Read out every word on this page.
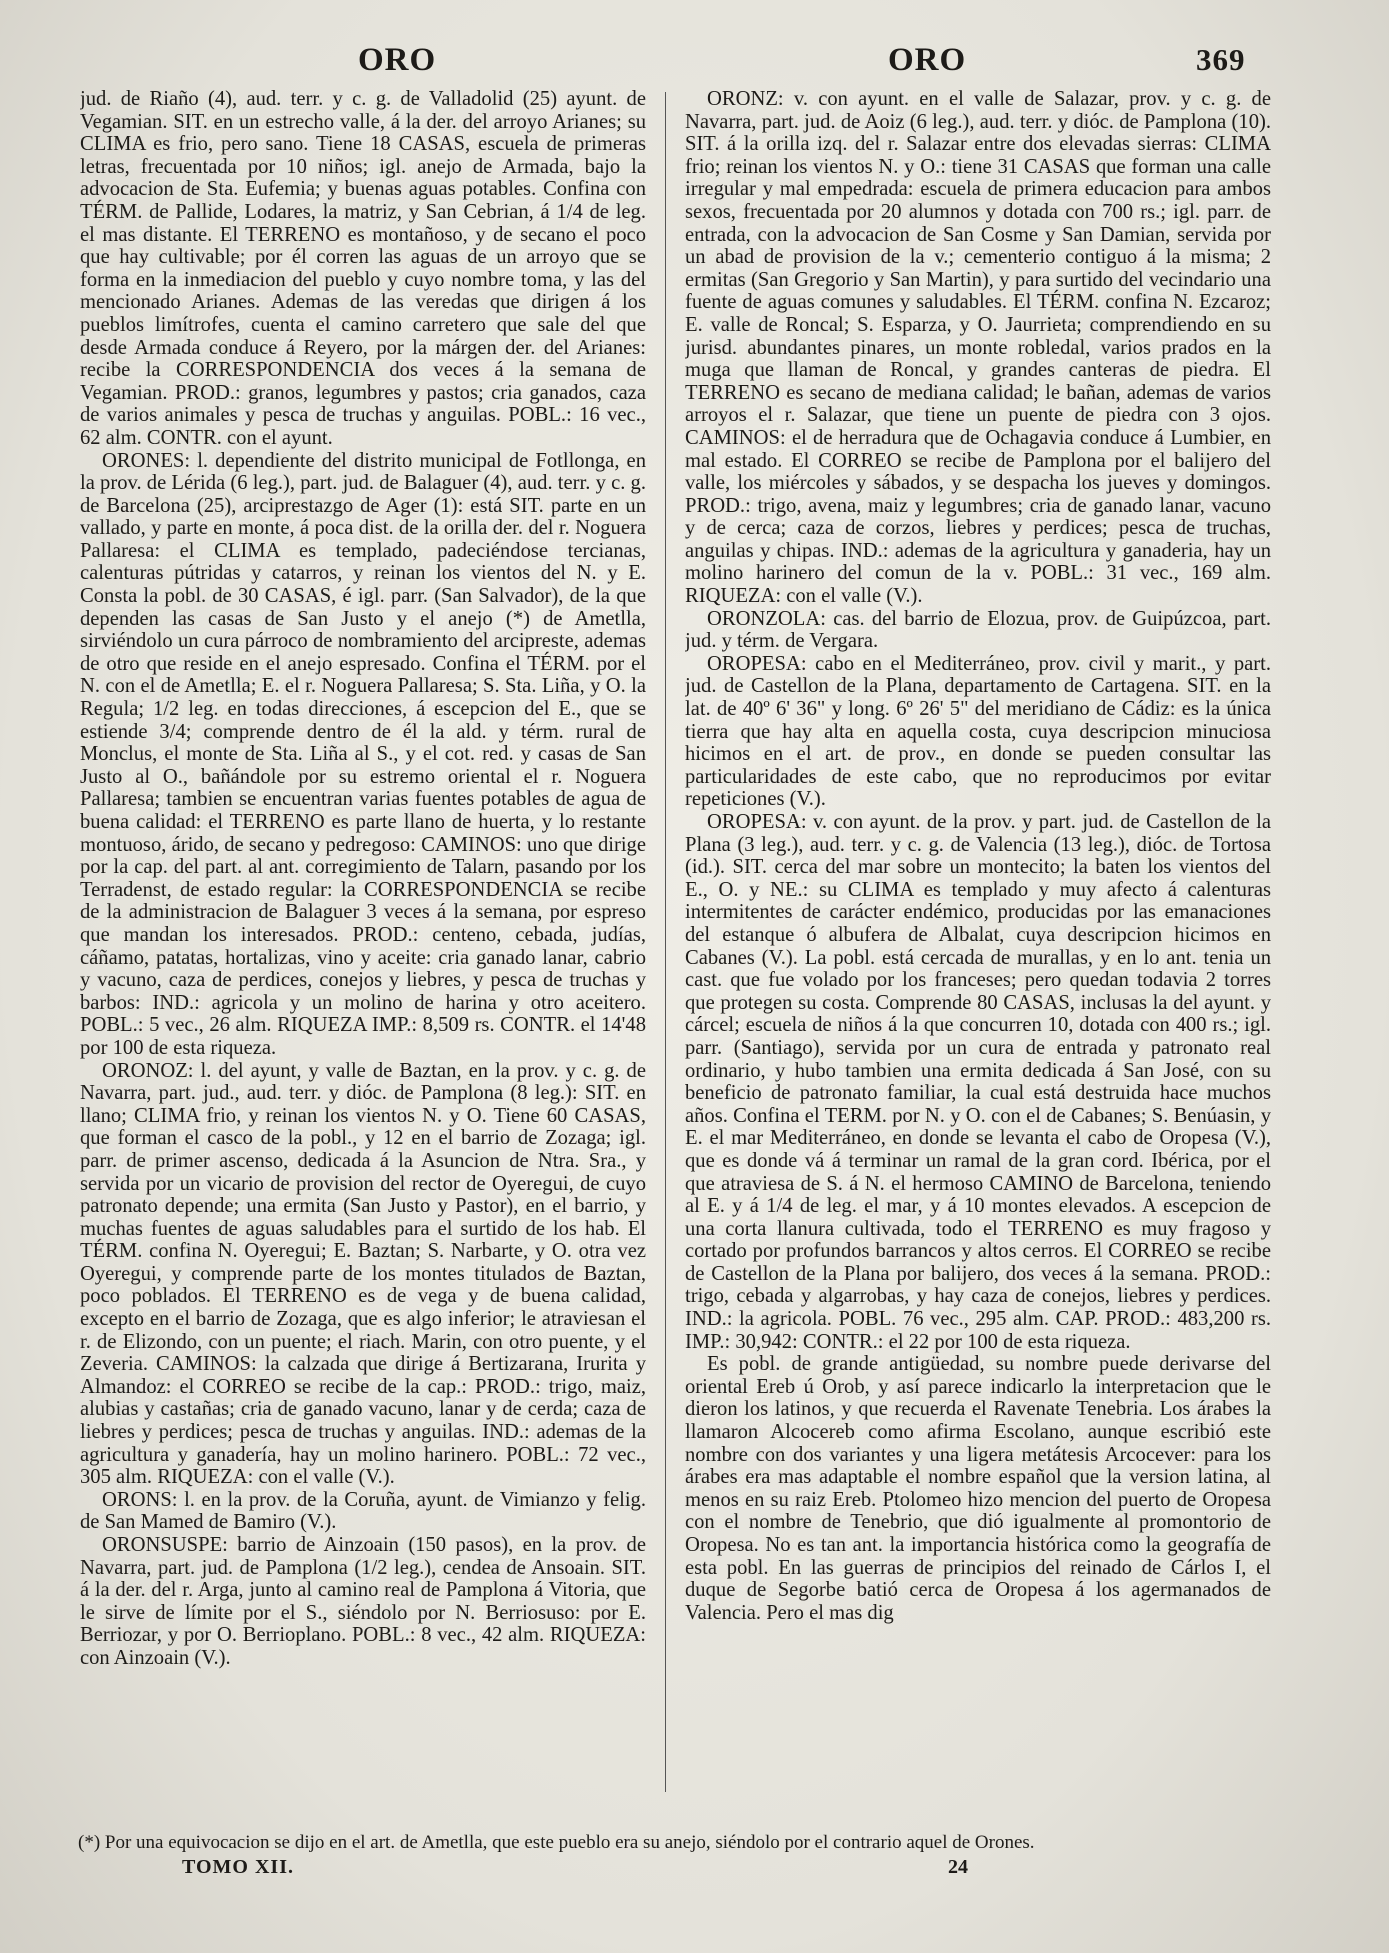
ORO	ORO	369

jud. de Riaño (4), aud. terr. y c. g. de Valladolid (25) ayunt. de Vegamian. SIT. en un estrecho valle, á la der. del arroyo Arianes; su CLIMA es frio, pero sano. Tiene 18 CASAS, escuela de primeras letras, frecuentada por 10 niños; igl. anejo de Armada, bajo la advocacion de Sta. Eufemia; y buenas aguas potables. Confina con TÉRM. de Pallide, Lodares, la matriz, y San Cebrian, á 1/4 de leg. el mas distante. El TERRENO es montañoso, y de secano el poco que hay cultivable; por él corren las aguas de un arroyo que se forma en la inmediacion del pueblo y cuyo nombre toma, y las del mencionado Arianes. Ademas de las veredas que dirigen á los pueblos limítrofes, cuenta el camino carretero que sale del que desde Armada conduce á Reyero, por la márgen der. del Arianes: recibe la CORRESPONDENCIA dos veces á la semana de Vegamian. PROD.: granos, legumbres y pastos; cria ganados, caza de varios animales y pesca de truchas y anguilas. POBL.: 16 vec., 62 alm. CONTR. con el ayunt.

ORONES: l. dependiente del distrito municipal de Fotllonga, en la prov. de Lérida (6 leg.), part. jud. de Balaguer (4), aud. terr. y c. g. de Barcelona (25), arciprestazgo de Ager (1): está SIT. parte en un vallado, y parte en monte, á poca dist. de la orilla der. del r. Noguera Pallaresa: el CLIMA es templado, padeciéndose tercianas, calenturas pútridas y catarros, y reinan los vientos del N. y E. Consta la pobl. de 30 CASAS, é igl. parr. (San Salvador), de la que dependen las casas de San Justo y el anejo (*) de Ametlla, sirviéndolo un cura párroco de nombramiento del arcipreste, ademas de otro que reside en el anejo espresado. Confina el TÉRM. por el N. con el de Ametlla; E. el r. Noguera Pallaresa; S. Sta. Liña, y O. la Regula; 1/2 leg. en todas direcciones, á escepcion del E., que se estiende 3/4; comprende dentro de él la ald. y térm. rural de Monclus, el monte de Sta. Liña al S., y el cot. red. y casas de San Justo al O., bañándole por su estremo oriental el r. Noguera Pallaresa; tambien se encuentran varias fuentes potables de agua de buena calidad: el TERRENO es parte llano de huerta, y lo restante montuoso, árido, de secano y pedregoso: CAMINOS: uno que dirige por la cap. del part. al ant. corregimiento de Talarn, pasando por los Terradenst, de estado regular: la CORRESPONDENCIA se recibe de la administracion de Balaguer 3 veces á la semana, por espreso que mandan los interesados. PROD.: centeno, cebada, judías, cáñamo, patatas, hortalizas, vino y aceite: cria ganado lanar, cabrio y vacuno, caza de perdices, conejos y liebres, y pesca de truchas y barbos: IND.: agricola y un molino de harina y otro aceitero. POBL.: 5 vec., 26 alm. RIQUEZA IMP.: 8,509 rs. CONTR. el 14'48 por 100 de esta riqueza.

ORONOZ: l. del ayunt, y valle de Baztan, en la prov. y c. g. de Navarra, part. jud., aud. terr. y dióc. de Pamplona (8 leg.): SIT. en llano; CLIMA frio, y reinan los vientos N. y O. Tiene 60 CASAS, que forman el casco de la pobl., y 12 en el barrio de Zozaga; igl. parr. de primer ascenso, dedicada á la Asuncion de Ntra. Sra., y servida por un vicario de provision del rector de Oyeregui, de cuyo patronato depende; una ermita (San Justo y Pastor), en el barrio, y muchas fuentes de aguas saludables para el surtido de los hab. El TÉRM. confina N. Oyeregui; E. Baztan; S. Narbarte, y O. otra vez Oyeregui, y comprende parte de los montes titulados de Baztan, poco poblados. El TERRENO es de vega y de buena calidad, excepto en el barrio de Zozaga, que es algo inferior; le atraviesan el r. de Elizondo, con un puente; el riach. Marin, con otro puente, y el Zeveria. CAMINOS: la calzada que dirige á Bertizarana, Irurita y Almandoz: el CORREO se recibe de la cap.: PROD.: trigo, maiz, alubias y castañas; cria de ganado vacuno, lanar y de cerda; caza de liebres y perdices; pesca de truchas y anguilas. IND.: ademas de la agricultura y ganadería, hay un molino harinero. POBL.: 72 vec., 305 alm. RIQUEZA: con el valle (V.).

ORONS: l. en la prov. de la Coruña, ayunt. de Vimianzo y felig. de San Mamed de Bamiro (V.).

ORONSUSPE: barrio de Ainzoain (150 pasos), en la prov. de Navarra, part. jud. de Pamplona (1/2 leg.), cendea de Ansoain. SIT. á la der. del r. Arga, junto al camino real de Pamplona á Vitoria, que le sirve de límite por el S., siéndolo por N. Berriosuso: por E. Berriozar, y por O. Berrioplano. POBL.: 8 vec., 42 alm. RIQUEZA: con Ainzoain (V.).

ORONZ: v. con ayunt. en el valle de Salazar, prov. y c. g. de Navarra, part. jud. de Aoiz (6 leg.), aud. terr. y dióc. de Pamplona (10). SIT. á la orilla izq. del r. Salazar entre dos elevadas sierras: CLIMA frio; reinan los vientos N. y O.: tiene 31 CASAS que forman una calle irregular y mal empedrada: escuela de primera educacion para ambos sexos, frecuentada por 20 alumnos y dotada con 700 rs.; igl. parr. de entrada, con la advocacion de San Cosme y San Damian, servida por un abad de provision de la v.; cementerio contiguo á la misma; 2 ermitas (San Gregorio y San Martin), y para surtido del vecindario una fuente de aguas comunes y saludables. El TÉRM. confina N. Ezcaroz; E. valle de Roncal; S. Esparza, y O. Jaurrieta; comprendiendo en su jurisd. abundantes pinares, un monte robledal, varios prados en la muga que llaman de Roncal, y grandes canteras de piedra. El TERRENO es secano de mediana calidad; le bañan, ademas de varios arroyos el r. Salazar, que tiene un puente de piedra con 3 ojos. CAMINOS: el de herradura que de Ochagavia conduce á Lumbier, en mal estado. El CORREO se recibe de Pamplona por el balijero del valle, los miércoles y sábados, y se despacha los jueves y domingos. PROD.: trigo, avena, maiz y legumbres; cria de ganado lanar, vacuno y de cerca; caza de corzos, liebres y perdices; pesca de truchas, anguilas y chipas. IND.: ademas de la agricultura y ganaderia, hay un molino harinero del comun de la v. POBL.: 31 vec., 169 alm. RIQUEZA: con el valle (V.).

ORONZOLA: cas. del barrio de Elozua, prov. de Guipúzcoa, part. jud. y térm. de Vergara.

OROPESA: cabo en el Mediterráneo, prov. civil y marit., y part. jud. de Castellon de la Plana, departamento de Cartagena. SIT. en la lat. de 40º 6' 36" y long. 6º 26' 5" del meridiano de Cádiz: es la única tierra que hay alta en aquella costa, cuya descripcion minuciosa hicimos en el art. de prov., en donde se pueden consultar las particularidades de este cabo, que no reproducimos por evitar repeticiones (V.).

OROPESA: v. con ayunt. de la prov. y part. jud. de Castellon de la Plana (3 leg.), aud. terr. y c. g. de Valencia (13 leg.), dióc. de Tortosa (id.). SIT. cerca del mar sobre un montecito; la baten los vientos del E., O. y NE.: su CLIMA es templado y muy afecto á calenturas intermitentes de carácter endémico, producidas por las emanaciones del estanque ó albufera de Albalat, cuya descripcion hicimos en Cabanes (V.). La pobl. está cercada de murallas, y en lo ant. tenia un cast. que fue volado por los franceses; pero quedan todavia 2 torres que protegen su costa. Comprende 80 CASAS, inclusas la del ayunt. y cárcel; escuela de niños á la que concurren 10, dotada con 400 rs.; igl. parr. (Santiago), servida por un cura de entrada y patronato real ordinario, y hubo tambien una ermita dedicada á San José, con su beneficio de patronato familiar, la cual está destruida hace muchos años. Confina el TERM. por N. y O. con el de Cabanes; S. Benúasin, y E. el mar Mediterráneo, en donde se levanta el cabo de Oropesa (V.), que es donde vá á terminar un ramal de la gran cord. Ibérica, por el que atraviesa de S. á N. el hermoso CAMINO de Barcelona, teniendo al E. y á 1/4 de leg. el mar, y á 10 montes elevados. A escepcion de una corta llanura cultivada, todo el TERRENO es muy fragoso y cortado por profundos barrancos y altos cerros. El CORREO se recibe de Castellon de la Plana por balijero, dos veces á la semana. PROD.: trigo, cebada y algarrobas, y hay caza de conejos, liebres y perdices. IND.: la agricola. POBL. 76 vec., 295 alm. CAP. PROD.: 483,200 rs. IMP.: 30,942: CONTR.: el 22 por 100 de esta riqueza.

Es pobl. de grande antigüedad, su nombre puede derivarse del oriental Ereb ú Orob, y así parece indicarlo la interpretacion que le dieron los latinos, y que recuerda el Ravenate Tenebria. Los árabes la llamaron Alcocereb como afirma Escolano, aunque escribió este nombre con dos variantes y una ligera metátesis Arcocever: para los árabes era mas adaptable el nombre español que la version latina, al menos en su raiz Ereb. Ptolomeo hizo mencion del puerto de Oropesa con el nombre de Tenebrio, que dió igualmente al promontorio de Oropesa. No es tan ant. la importancia histórica como la geografía de esta pobl. En las guerras de principios del reinado de Cárlos I, el duque de Segorbe batió cerca de Oropesa á los agermanados de Valencia. Pero el mas dig

(*) Por una equivocacion se dijo en el art. de Ametlla, que este pueblo era su anejo, siéndolo por el contrario aquel de Orones.
TOMO XII.	24
